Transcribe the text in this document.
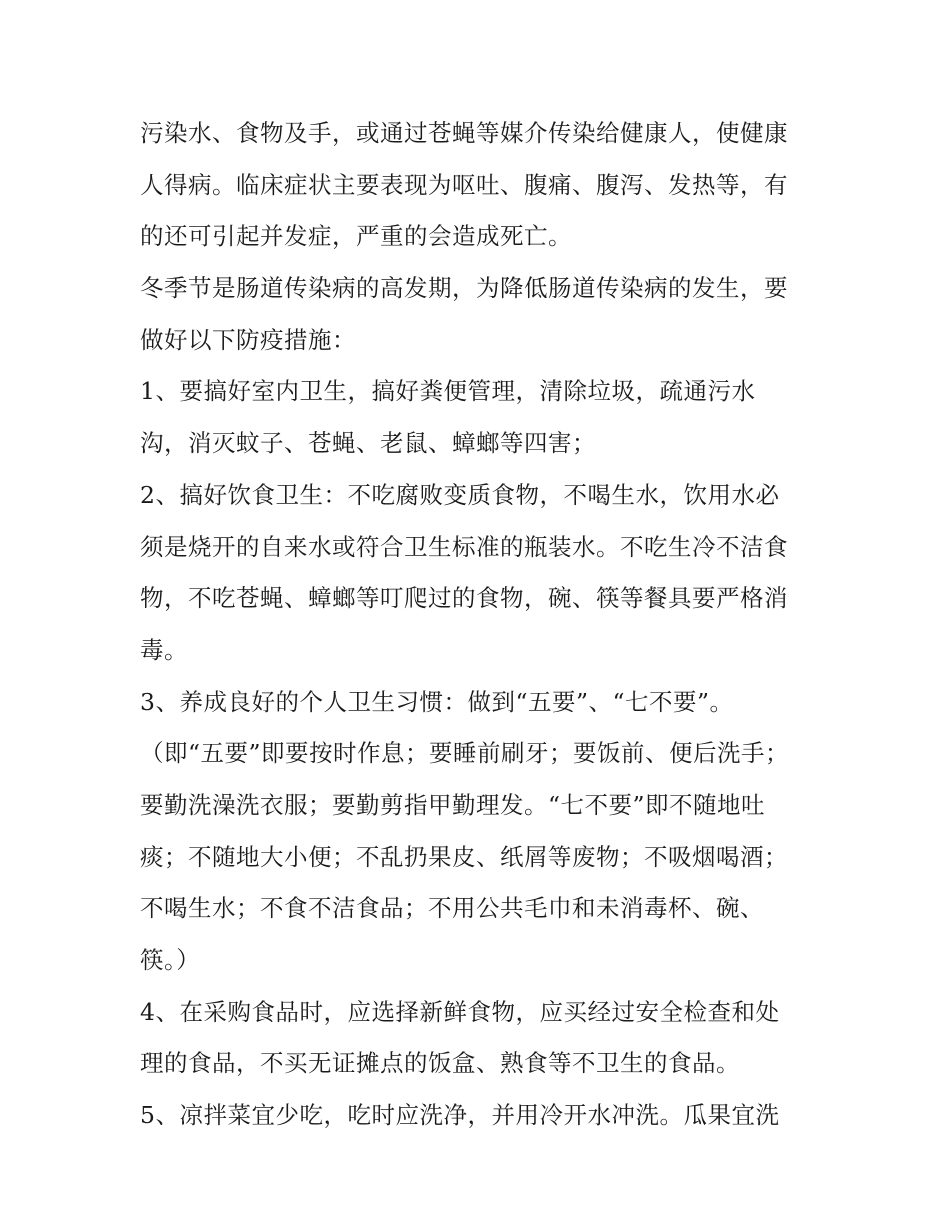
污染水、食物及手，或通过苍蝇等媒介传染给健康人，使健康
人得病。临床症状主要表现为呕吐、腹痛、腹泻、发热等，有
的还可引起并发症，严重的会造成死亡。
冬季节是肠道传染病的高发期，为降低肠道传染病的发生，要
做好以下防疫措施：
1、要搞好室内卫生，搞好粪便管理，清除垃圾，疏通污水
沟，消灭蚊子、苍蝇、老鼠、蟑螂等四害；
2、搞好饮食卫生：不吃腐败变质食物，不喝生水，饮用水必
须是烧开的自来水或符合卫生标准的瓶装水。不吃生冷不洁食
物，不吃苍蝇、蟑螂等叮爬过的食物，碗、筷等餐具要严格消
毒。
3、养成良好的个人卫生习惯：做到“五要”、“七不要”。
（即“五要”即要按时作息；要睡前刷牙；要饭前、便后洗手；
要勤洗澡洗衣服；要勤剪指甲勤理发。“七不要”即不随地吐
痰；不随地大小便；不乱扔果皮、纸屑等废物；不吸烟喝酒；
不喝生水；不食不洁食品；不用公共毛巾和未消毒杯、碗、
筷。）
4、在采购食品时，应选择新鲜食物，应买经过安全检查和处
理的食品，不买无证摊点的饭盒、熟食等不卫生的食品。
5、凉拌菜宜少吃，吃时应洗净，并用冷开水冲洗。瓜果宜洗
